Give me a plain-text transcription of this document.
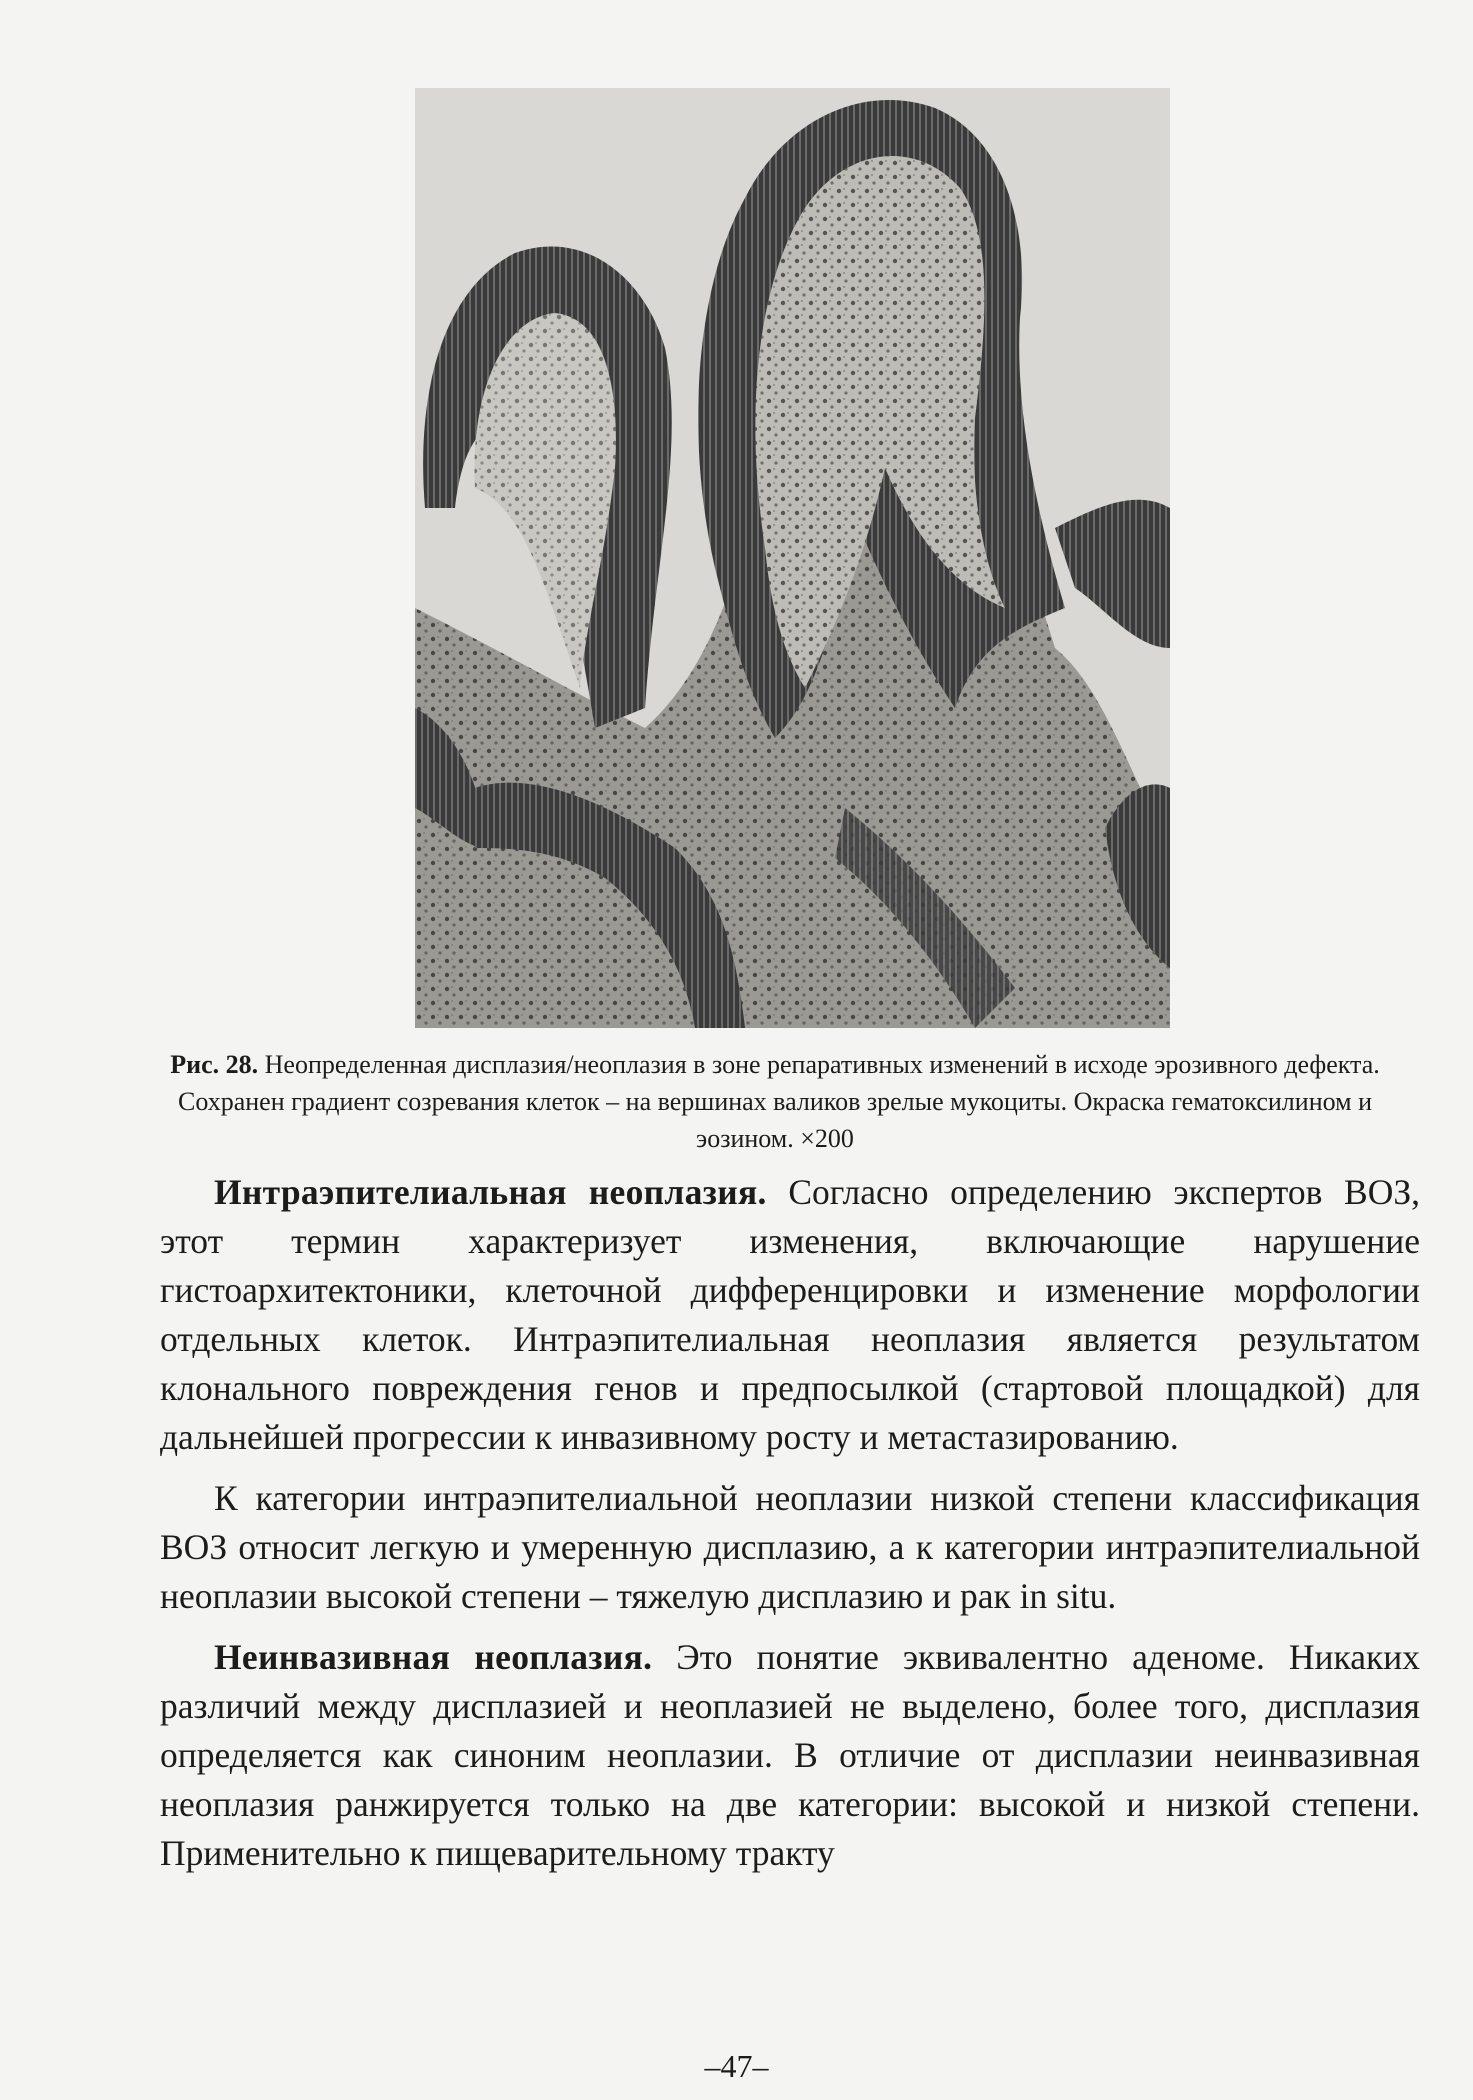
Рис. 28. Неопределенная дисплазия/неоплазия в зоне репаративных изменений в исходе эрозивного дефекта. Сохранен градиент созревания клеток – на вершинах валиков зрелые мукоциты. Окраска гематоксилином и эозином. ×200

Интраэпителиальная неоплазия. Согласно определению экспертов ВОЗ, этот термин характеризует изменения, включающие нарушение гистоархитектоники, клеточной дифференцировки и изменение морфологии отдельных клеток. Интраэпителиальная неоплазия является результатом клонального повреждения генов и предпосылкой (стартовой площадкой) для дальнейшей прогрессии к инвазивному росту и метастазированию.

К категории интраэпителиальной неоплазии низкой степени классификация ВОЗ относит легкую и умеренную дисплазию, а к категории интраэпителиальной неоплазии высокой степени – тяжелую дисплазию и рак in situ.

Неинвазивная неоплазия. Это понятие эквивалентно аденоме. Никаких различий между дисплазией и неоплазией не выделено, более того, дисплазия определяется как синоним неоплазии. В отличие от дисплазии неинвазивная неоплазия ранжируется только на две категории: высокой и низкой степени. Применительно к пищеварительному тракту

–47–
